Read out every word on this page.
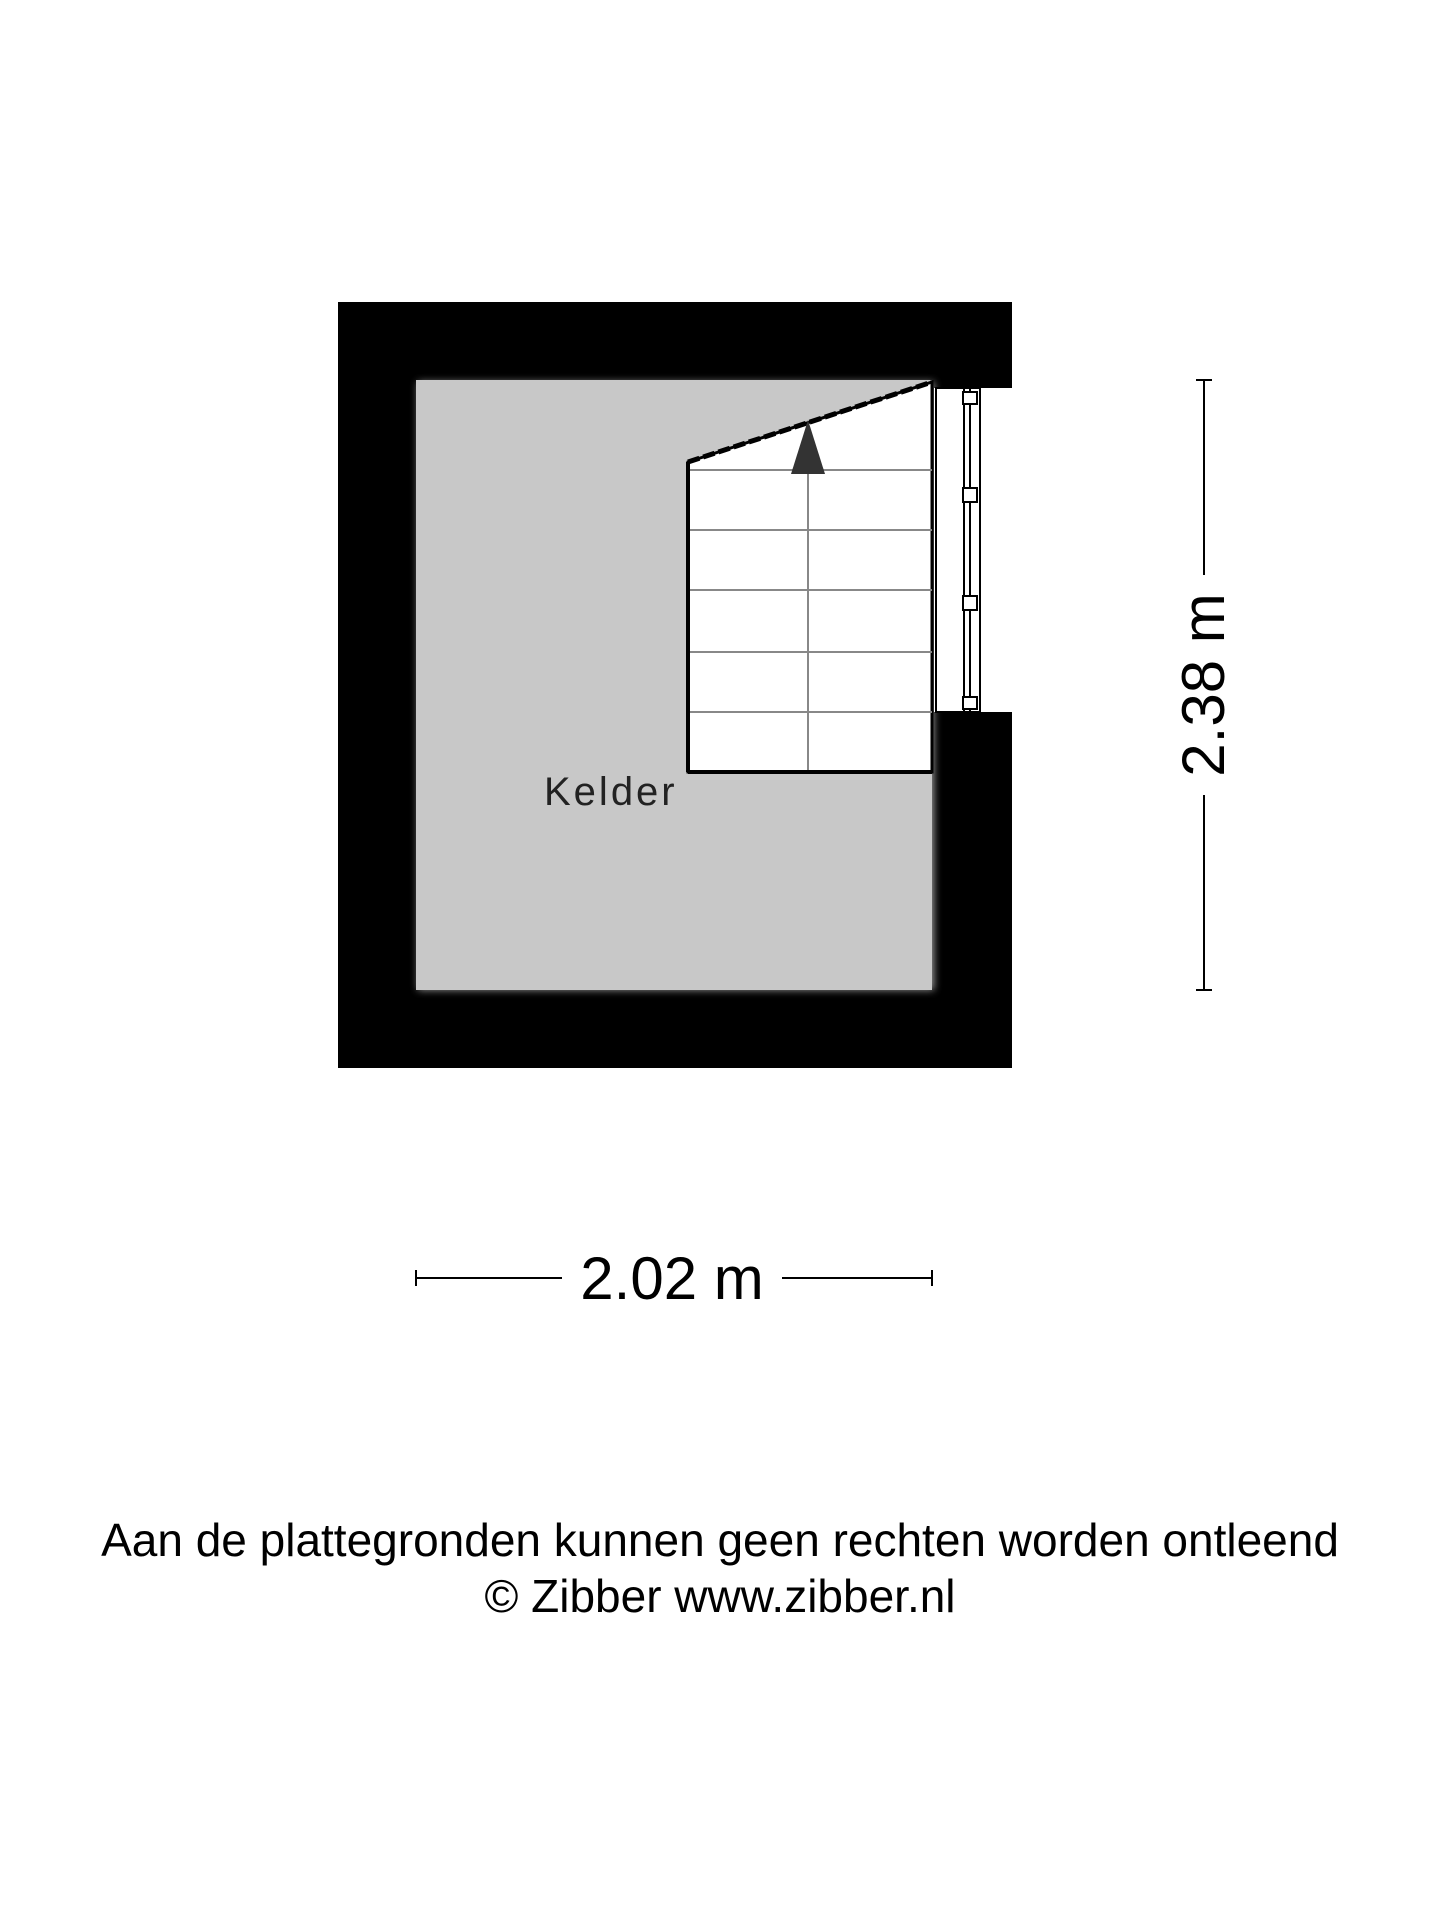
Kelder
2.38 m
2.02 m
Aan de plattegronden kunnen geen rechten worden ontleend
© Zibber www.zibber.nl
